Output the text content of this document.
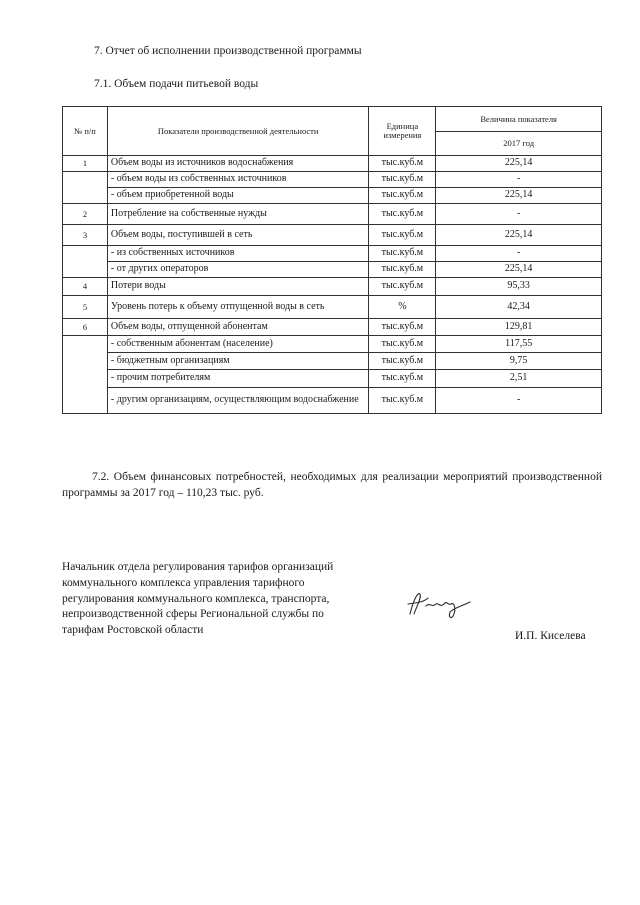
7. Отчет об исполнении производственной программы
7.1. Объем подачи питьевой воды
№ п/п	Показатели производственной деятельности	Единица измерения	Величина показателя
			2017 год
1	Объем воды из источников водоснабжения	тыс.куб.м	225,14
	- объем воды из собственных источников	тыс.куб.м	-
	- объем приобретенной воды	тыс.куб.м	225,14
2	Потребление на собственные нужды	тыс.куб.м	-
3	Объем воды, поступившей в сеть	тыс.куб.м	225,14
	- из собственных источников	тыс.куб.м	-
	- от других операторов	тыс.куб.м	225,14
4	Потери воды	тыс.куб.м	95,33
5	Уровень потерь к объему отпущенной воды в сеть	%	42,34
6	Объем воды, отпущенной абонентам	тыс.куб.м	129,81
	- собственным абонентам (население)	тыс.куб.м	117,55
	- бюджетным организациям	тыс.куб.м	9,75
	- прочим потребителям	тыс.куб.м	2,51
	- другим организациям, осуществляющим водоснабжение	тыс.куб.м	-
7.2. Объем финансовых потребностей, необходимых для реализации мероприятий производственной программы за 2017 год – 110,23 тыс. руб.
Начальник отдела регулирования тарифов организаций
коммунального комплекса управления тарифного
регулирования коммунального комплекса, транспорта,
непроизводственной сферы Региональной службы по
тарифам Ростовской области	И.П. Киселева
